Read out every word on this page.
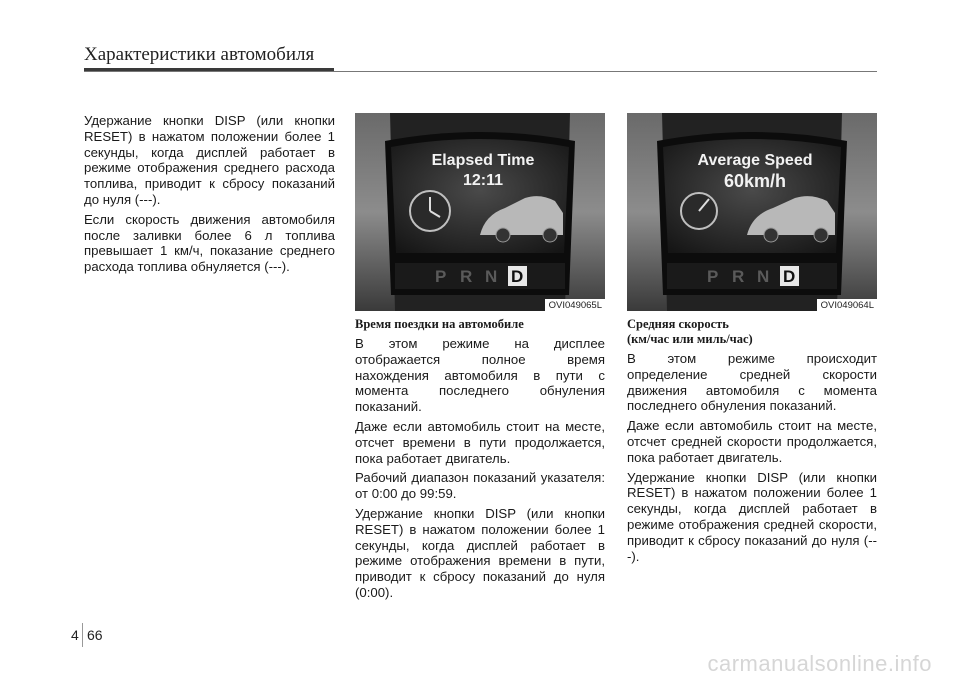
Характеристики автомобиля

Удержание кнопки DISP (или кнопки RESET) в нажатом положении более 1 секунды, когда дисплей работает в режиме отображения среднего расхода топлива, приводит к сбросу показаний до нуля (---).

Если скорость движения автомобиля после заливки более 6 л топлива превышает 1 км/ч, показание среднего расхода топлива обнуляется (---).

P R N D
Elapsed Time
12:11
OVI049065L
P R N D
Average Speed
60km/h
OVI049064L
Время поездки на автомобиле

В этом режиме на дисплее отображается полное время нахождения автомобиля в пути с момента последнего обнуления показаний.

Даже если автомобиль стоит на месте, отсчет времени в пути продолжается, пока работает двигатель.

Рабочий диапазон показаний указателя: от 0:00 до 99:59.

Удержание кнопки DISP (или кнопки RESET) в нажатом положении более 1 секунды, когда дисплей работает в режиме отображения времени в пути, приводит к сбросу показаний до нуля (0:00).

Средняя скорость
(км/час или миль/час)

В этом режиме происходит определение средней скорости движения автомобиля с момента последнего обнуления показаний.

Даже если автомобиль стоит на месте, отсчет средней скорости продолжается, пока работает двигатель.

Удержание кнопки DISP (или кнопки RESET) в нажатом положении более 1 секунды, когда дисплей работает в режиме отображения средней скорости, приводит к сбросу показаний до нуля (---).

4 66
carmanualsonline.info
